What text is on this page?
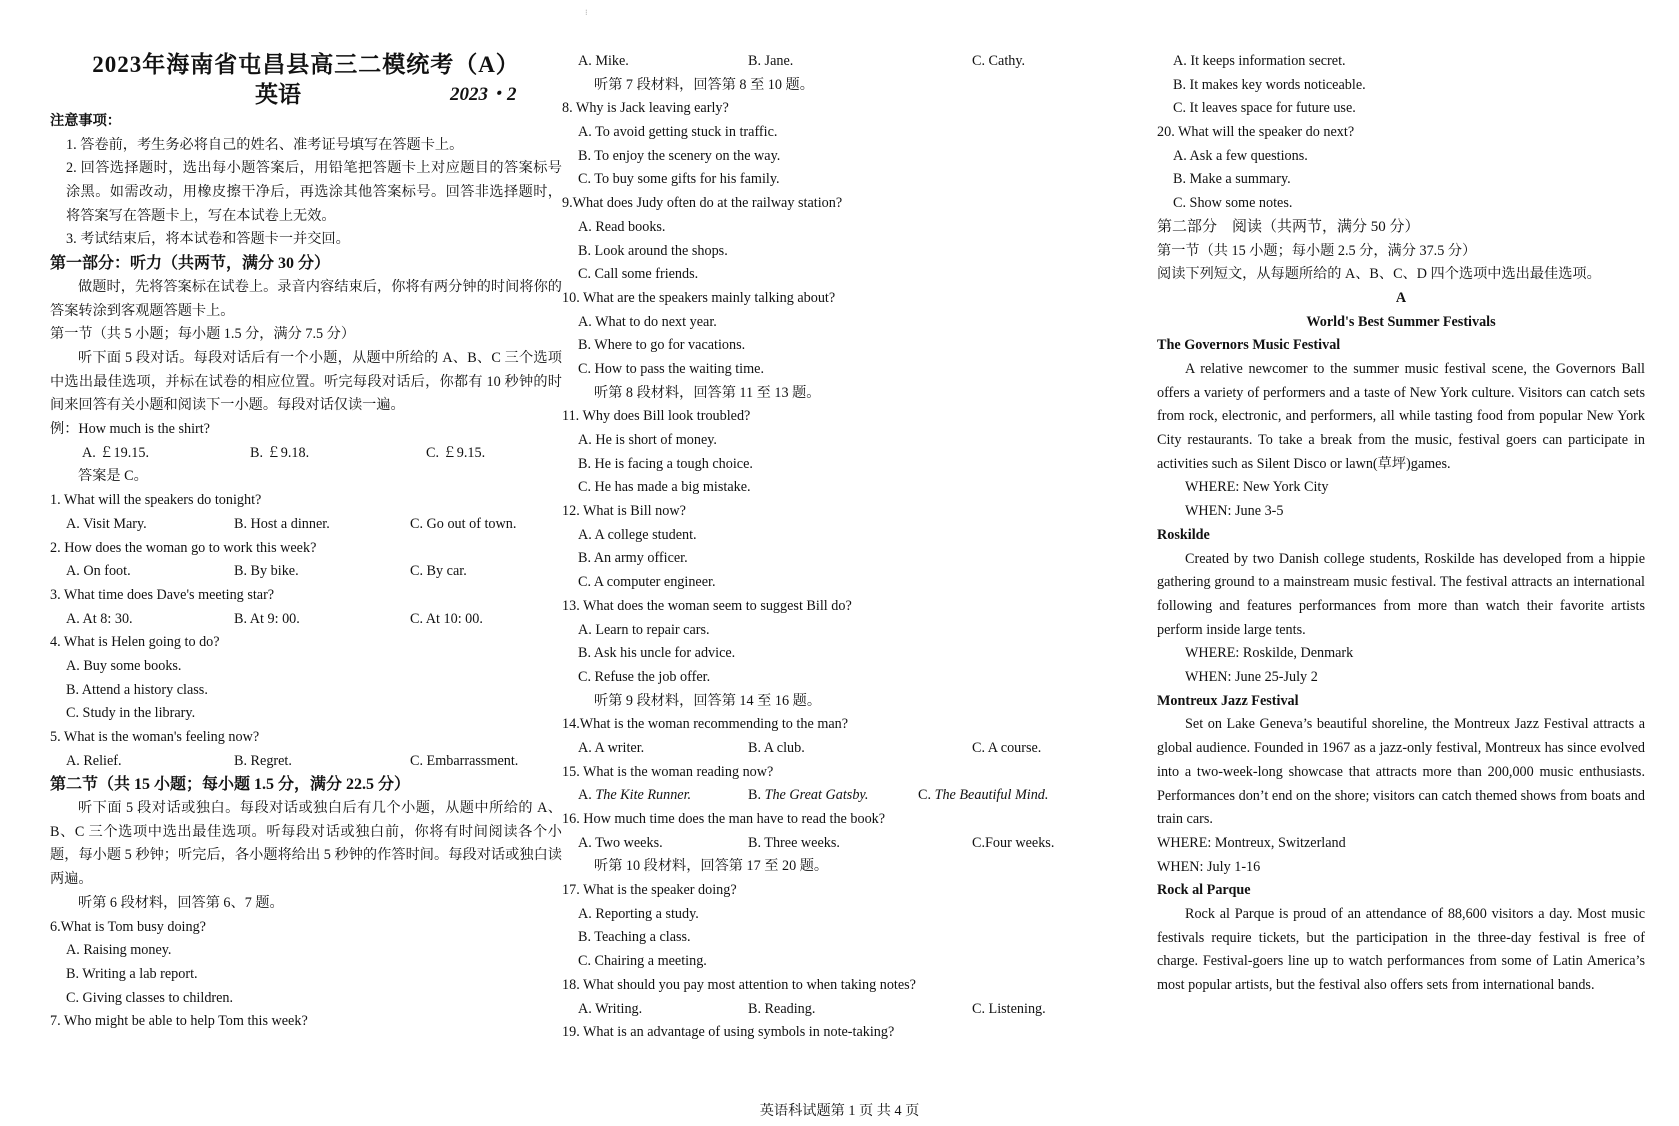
⁝
2023年海南省屯昌县高三二模统考（A）
英语	2023・2
注意事项：
1. 答卷前，考生务必将自己的姓名、准考证号填写在答题卡上。
2. 回答选择题时，选出每小题答案后，用铅笔把答题卡上对应题目的答案标号涂黑。如需改动，用橡皮擦干净后，再选涂其他答案标号。回答非选择题时，将答案写在答题卡上，写在本试卷上无效。
3. 考试结束后，将本试卷和答题卡一并交回。
第一部分：听力（共两节，满分 30 分）
做题时，先将答案标在试卷上。录音内容结束后，你将有两分钟的时间将你的答案转涂到客观题答题卡上。
第一节（共 5 小题；每小题 1.5 分，满分 7.5 分）
听下面 5 段对话。每段对话后有一个小题，从题中所给的 A、B、C 三个选项中选出最佳选项，并标在试卷的相应位置。听完每段对话后，你都有 10 秒钟的时间来回答有关小题和阅读下一小题。每段对话仅读一遍。
例：How much is the shirt?
A. ￡19.15.	B. ￡9.18.	C. ￡9.15.
答案是 C。
1. What will the speakers do tonight?
A. Visit Mary.	B. Host a dinner.	C. Go out of town.
2. How does the woman go to work this week?
A. On foot.	B. By bike.	C. By car.
3. What time does Dave's meeting star?
A. At 8: 30.	B. At 9: 00.	C. At 10: 00.
4. What is Helen going to do?
A. Buy some books.
B. Attend a history class.
C. Study in the library.
5. What is the woman's feeling now?
A. Relief.	B. Regret.	C. Embarrassment.
第二节（共 15 小题；每小题 1.5 分，满分 22.5 分）
听下面 5 段对话或独白。每段对话或独白后有几个小题，从题中所给的 A、B、C 三个选项中选出最佳选项。听每段对话或独白前，你将有时间阅读各个小题，每小题 5 秒钟；听完后，各小题将给出 5 秒钟的作答时间。每段对话或独白读两遍。
听第 6 段材料，回答第 6、7 题。
6.What is Tom busy doing?
A. Raising money.
B. Writing a lab report.
C. Giving classes to children.
7. Who might be able to help Tom this week?
A. Mike.	B. Jane.	C. Cathy.
听第 7 段材料，回答第 8 至 10 题。
8. Why is Jack leaving early?
A. To avoid getting stuck in traffic.
B. To enjoy the scenery on the way.
C. To buy some gifts for his family.
9.What does Judy often do at the railway station?
A. Read books.
B. Look around the shops.
C. Call some friends.
10. What are the speakers mainly talking about?
A. What to do next year.
B. Where to go for vacations.
C. How to pass the waiting time.
听第 8 段材料，回答第 11 至 13 题。
11. Why does Bill look troubled?
A. He is short of money.
B. He is facing a tough choice.
C. He has made a big mistake.
12. What is Bill now?
A. A college student.
B. An army officer.
C. A computer engineer.
13. What does the woman seem to suggest Bill do?
A. Learn to repair cars.
B. Ask his uncle for advice.
C. Refuse the job offer.
听第 9 段材料，回答第 14 至 16 题。
14.What is the woman recommending to the man?
A. A writer.	B. A club.	C. A course.
15. What is the woman reading now?
A. The Kite Runner.	B. The Great Gatsby.	C. The Beautiful Mind.
16. How much time does the man have to read the book?
A. Two weeks.	B. Three weeks.	C.Four weeks.
听第 10 段材料，回答第 17 至 20 题。
17. What is the speaker doing?
A. Reporting a study.
B. Teaching a class.
C. Chairing a meeting.
18. What should you pay most attention to when taking notes?
A. Writing.	B. Reading.	C. Listening.
19. What is an advantage of using symbols in note-taking?
A. It keeps information secret.
B. It makes key words noticeable.
C. It leaves space for future use.
20. What will the speaker do next?
A. Ask a few questions.
B. Make a summary.
C. Show some notes.
第二部分　阅读（共两节，满分 50 分）
第一节（共 15 小题；每小题 2.5 分，满分 37.5 分）
阅读下列短文，从每题所给的 A、B、C、D 四个选项中选出最佳选项。
A
World's Best Summer Festivals
The Governors Music Festival
A relative newcomer to the summer music festival scene, the Governors Ball offers a variety of performers and a taste of New York culture. Visitors can catch sets from rock, electronic, and performers, all while tasting food from popular New York City restaurants. To take a break from the music, festival goers can participate in activities such as Silent Disco or lawn(草坪)games.
WHERE: New York City
WHEN: June 3-5
Roskilde
Created by two Danish college students, Roskilde has developed from a hippie gathering ground to a mainstream music festival. The festival attracts an international following and features performances from more than watch their favorite artists perform inside large tents.
WHERE: Roskilde, Denmark
WHEN: June 25-July 2
Montreux Jazz Festival
Set on Lake Geneva’s beautiful shoreline, the Montreux Jazz Festival attracts a global audience. Founded in 1967 as a jazz-only festival, Montreux has since evolved into a two-week-long showcase that attracts more than 200,000 music enthusiasts. Performances don’t end on the shore; visitors can catch themed shows from boats and train cars.
WHERE: Montreux, Switzerland
WHEN: July 1-16
Rock al Parque
Rock al Parque is proud of an attendance of 88,600 visitors a day. Most music festivals require tickets, but the participation in the three-day festival is free of charge. Festival-goers line up to watch performances from some of Latin America’s most popular artists, but the festival also offers sets from international bands.
英语科试题第 1 页 共 4 页
